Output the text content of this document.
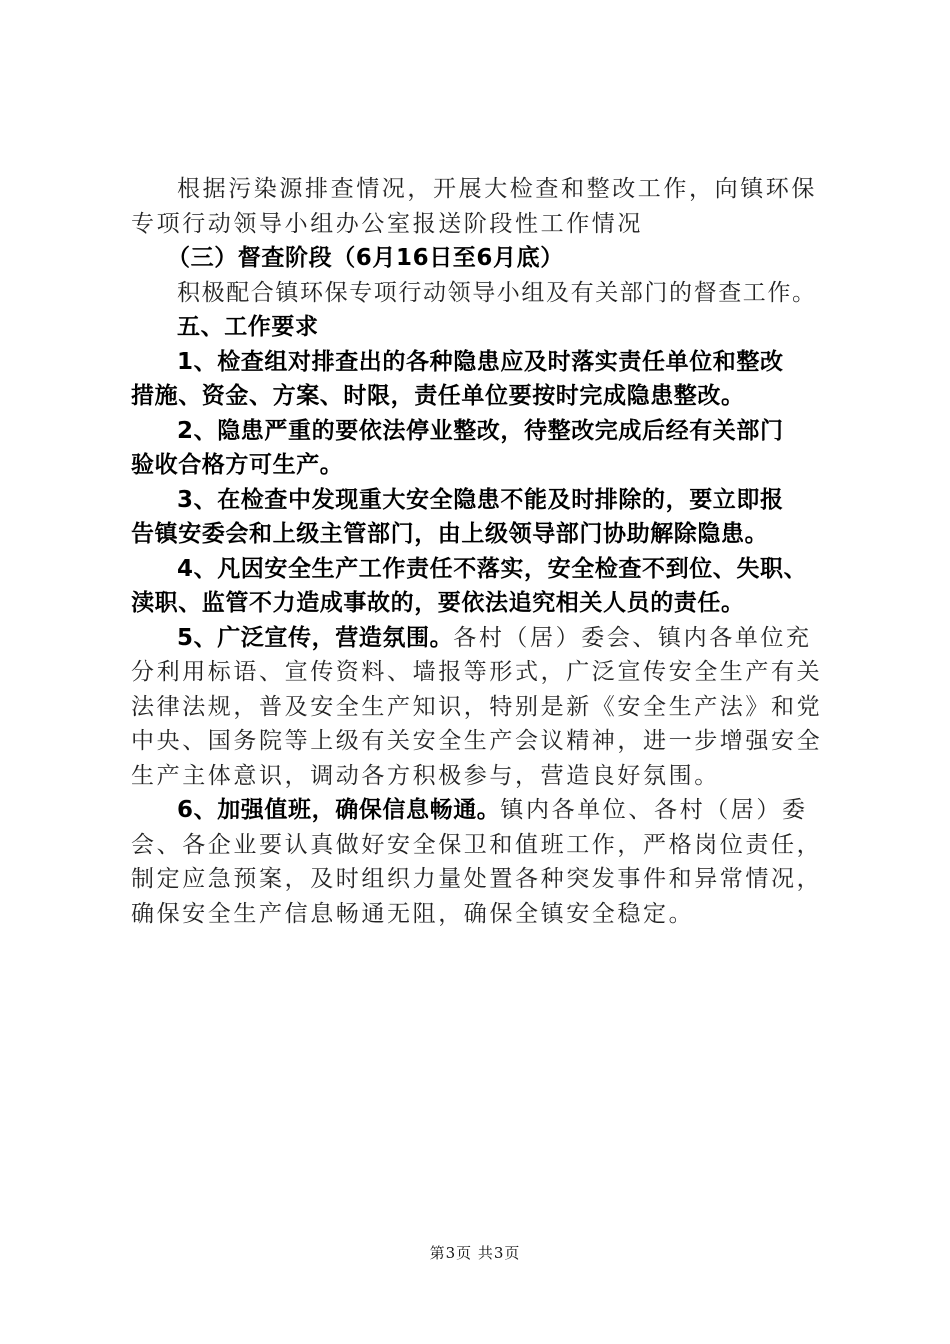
根据污染源排查情况，开展大检查和整改工作，向镇环保
专项行动领导小组办公室报送阶段性工作情况
（三）督查阶段（6月16日至6月底）
积极配合镇环保专项行动领导小组及有关部门的督查工作。
五、工作要求
1、检查组对排查出的各种隐患应及时落实责任单位和整改
措施、资金、方案、时限，责任单位要按时完成隐患整改。
2、隐患严重的要依法停业整改，待整改完成后经有关部门
验收合格方可生产。
3、在检查中发现重大安全隐患不能及时排除的，要立即报
告镇安委会和上级主管部门，由上级领导部门协助解除隐患。
4、凡因安全生产工作责任不落实，安全检查不到位、失职、
渎职、监管不力造成事故的，要依法追究相关人员的责任。
5、广泛宣传，营造氛围。各村（居）委会、镇内各单位充
分利用标语、宣传资料、墙报等形式，广泛宣传安全生产有关
法律法规，普及安全生产知识，特别是新《安全生产法》和党
中央、国务院等上级有关安全生产会议精神，进一步增强安全
生产主体意识，调动各方积极参与，营造良好氛围。
6、加强值班，确保信息畅通。镇内各单位、各村（居）委
会、各企业要认真做好安全保卫和值班工作，严格岗位责任，
制定应急预案，及时组织力量处置各种突发事件和异常情况，
确保安全生产信息畅通无阻，确保全镇安全稳定。
第3页 共3页
